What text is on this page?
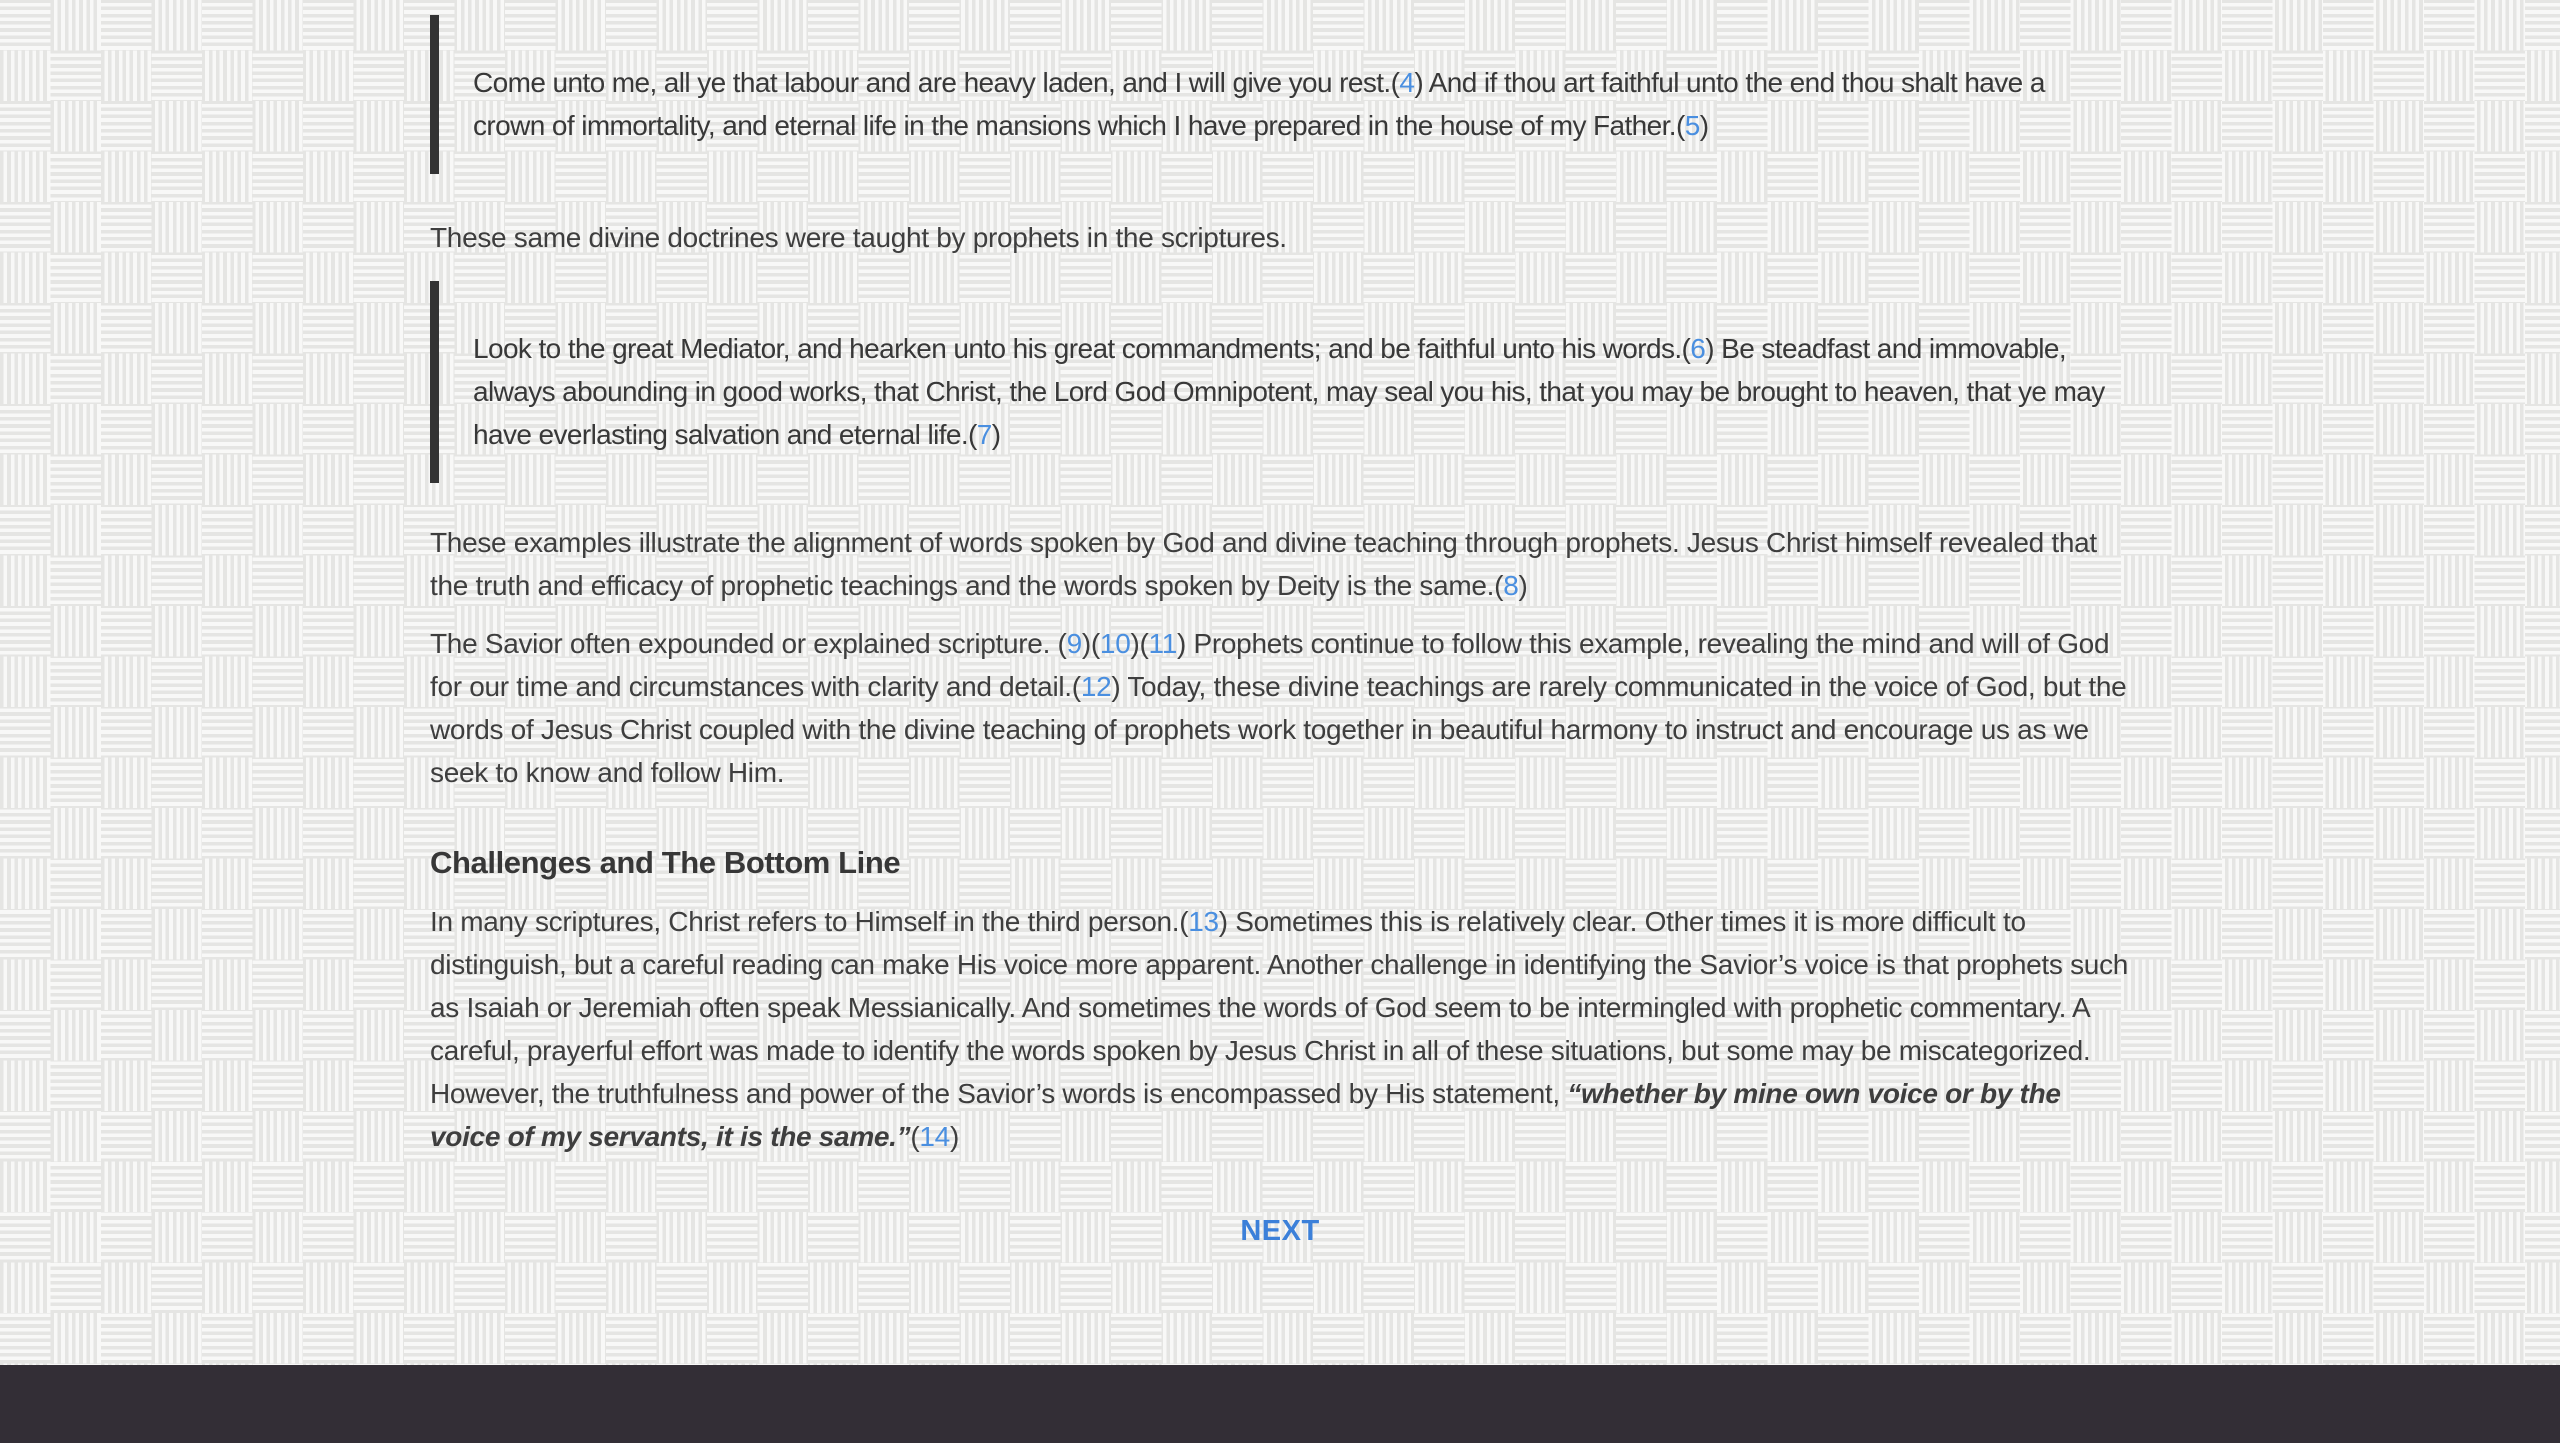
Come unto me, all ye that labour and are heavy laden, and I will give you rest.(4) And if thou art faithful unto the end thou shalt have a crown of immortality, and eternal life in the mansions which I have prepared in the house of my Father.(5)

These same divine doctrines were taught by prophets in the scriptures.

Look to the great Mediator, and hearken unto his great commandments; and be faithful unto his words.(6) Be steadfast and immovable, always abounding in good works, that Christ, the Lord God Omnipotent, may seal you his, that you may be brought to heaven, that ye may have everlasting salvation and eternal life.(7)

These examples illustrate the alignment of words spoken by God and divine teaching through prophets. Jesus Christ himself revealed that the truth and efficacy of prophetic teachings and the words spoken by Deity is the same.(8)

The Savior often expounded or explained scripture. (9)(10)(11) Prophets continue to follow this example, revealing the mind and will of God for our time and circumstances with clarity and detail.(12) Today, these divine teachings are rarely communicated in the voice of God, but the words of Jesus Christ coupled with the divine teaching of prophets work together in beautiful harmony to instruct and encourage us as we seek to know and follow Him.

Challenges and The Bottom Line

In many scriptures, Christ refers to Himself in the third person.(13) Sometimes this is relatively clear. Other times it is more difficult to distinguish, but a careful reading can make His voice more apparent. Another challenge in identifying the Savior’s voice is that prophets such as Isaiah or Jeremiah often speak Messianically. And sometimes the words of God seem to be intermingled with prophetic commentary. A careful, prayerful effort was made to identify the words spoken by Jesus Christ in all of these situations, but some may be miscategorized. However, the truthfulness and power of the Savior’s words is encompassed by His statement, “whether by mine own voice or by the voice of my servants, it is the same.”(14)

NEXT
